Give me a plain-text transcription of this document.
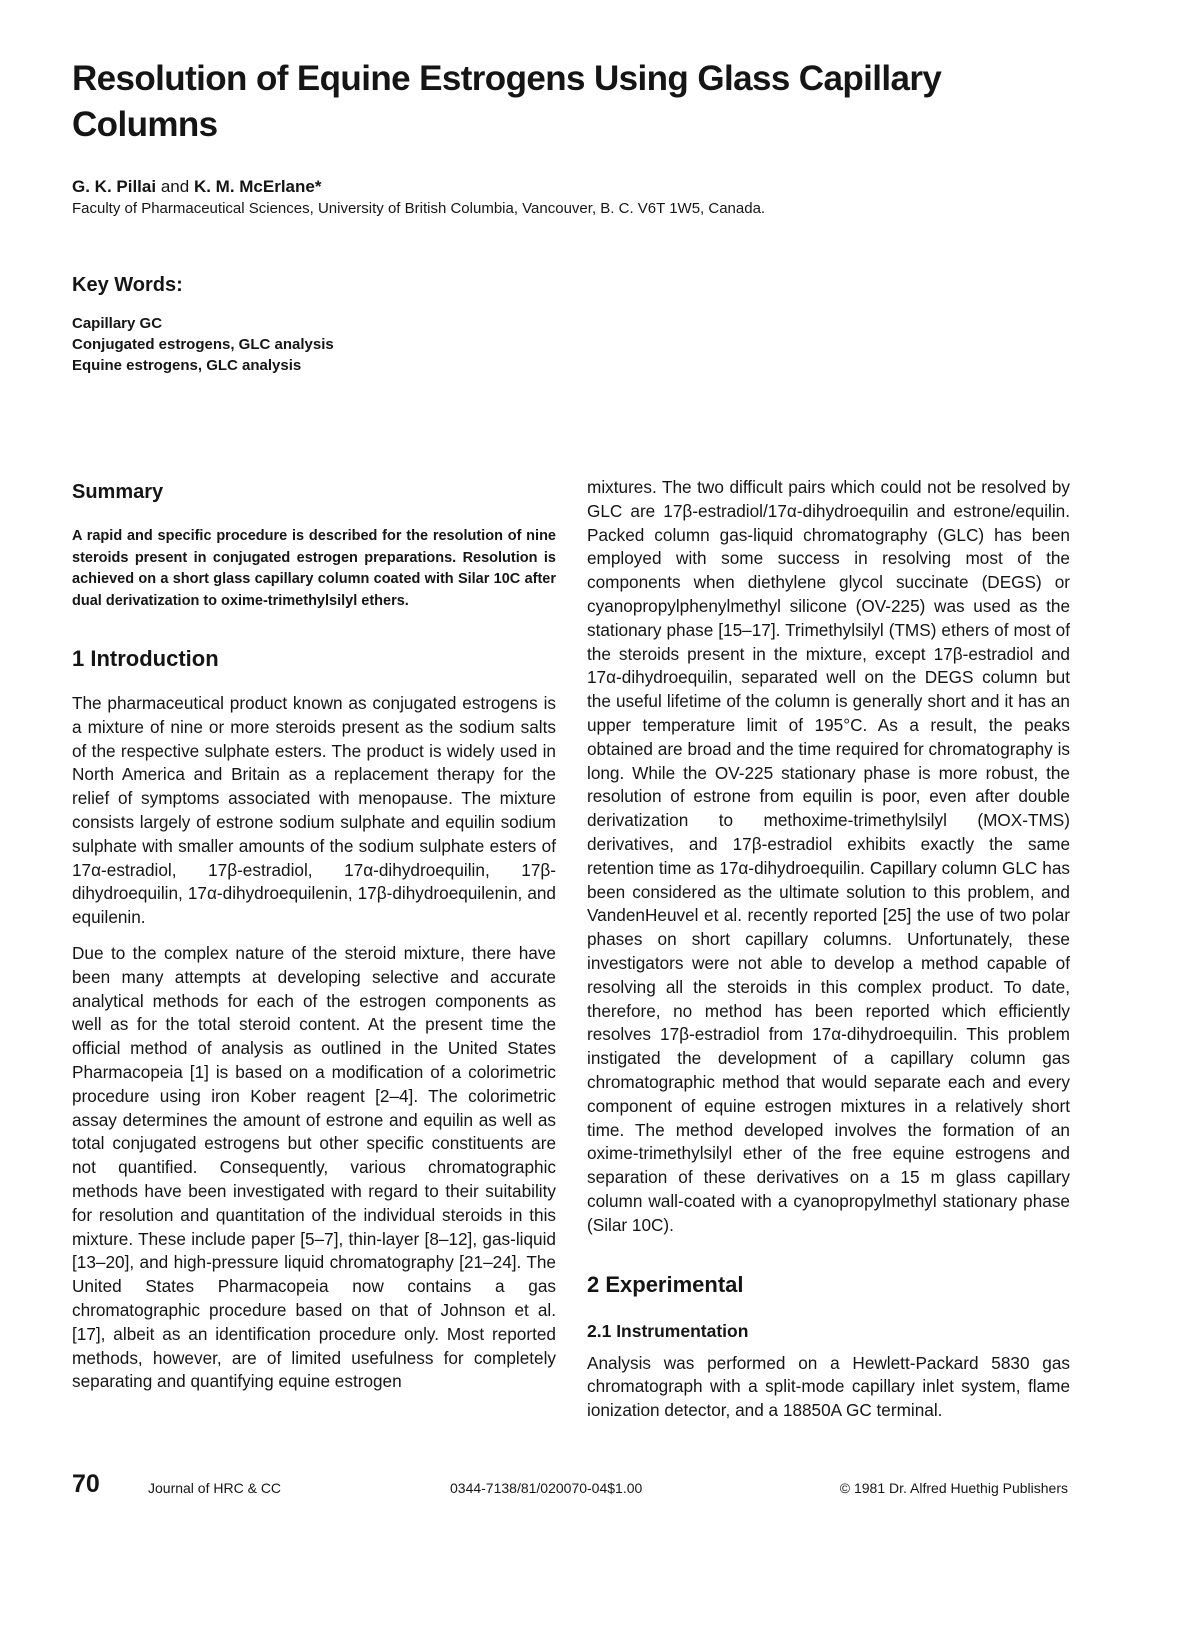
Resolution of Equine Estrogens Using Glass Capillary Columns
G. K. Pillai and K. M. McErlane*
Faculty of Pharmaceutical Sciences, University of British Columbia, Vancouver, B. C. V6T 1W5, Canada.
Key Words:
Capillary GC
Conjugated estrogens, GLC analysis
Equine estrogens, GLC analysis
Summary

A rapid and specific procedure is described for the resolution of nine steroids present in conjugated estrogen preparations. Resolution is achieved on a short glass capillary column coated with Silar 10C after dual derivatization to oxime-trimethylsilyl ethers.

1 Introduction

The pharmaceutical product known as conjugated estrogens is a mixture of nine or more steroids present as the sodium salts of the respective sulphate esters. The product is widely used in North America and Britain as a replacement therapy for the relief of symptoms associated with menopause. The mixture consists largely of estrone sodium sulphate and equilin sodium sulphate with smaller amounts of the sodium sulphate esters of 17α-estradiol, 17β-estradiol, 17α-dihydroequilin, 17β-dihydroequilin, 17α-dihydroequilenin, 17β-dihydroequilenin, and equilenin.

Due to the complex nature of the steroid mixture, there have been many attempts at developing selective and accurate analytical methods for each of the estrogen components as well as for the total steroid content. At the present time the official method of analysis as outlined in the United States Pharmacopeia [1] is based on a modification of a colorimetric procedure using iron Kober reagent [2–4]. The colorimetric assay determines the amount of estrone and equilin as well as total conjugated estrogens but other specific constituents are not quantified. Consequently, various chromatographic methods have been investigated with regard to their suitability for resolution and quantitation of the individual steroids in this mixture. These include paper [5–7], thin-layer [8–12], gas-liquid [13–20], and high-pressure liquid chromatography [21–24]. The United States Pharmacopeia now contains a gas chromatographic procedure based on that of Johnson et al. [17], albeit as an identification procedure only. Most reported methods, however, are of limited usefulness for completely separating and quantifying equine estrogen

mixtures. The two difficult pairs which could not be resolved by GLC are 17β-estradiol/17α-dihydroequilin and estrone/equilin. Packed column gas-liquid chromatography (GLC) has been employed with some success in resolving most of the components when diethylene glycol succinate (DEGS) or cyanopropylphenylmethyl silicone (OV-225) was used as the stationary phase [15–17]. Trimethylsilyl (TMS) ethers of most of the steroids present in the mixture, except 17β-estradiol and 17α-dihydroequilin, separated well on the DEGS column but the useful lifetime of the column is generally short and it has an upper temperature limit of 195°C. As a result, the peaks obtained are broad and the time required for chromatography is long. While the OV-225 stationary phase is more robust, the resolution of estrone from equilin is poor, even after double derivatization to methoxime-trimethylsilyl (MOX-TMS) derivatives, and 17β-estradiol exhibits exactly the same retention time as 17α-dihydroequilin. Capillary column GLC has been considered as the ultimate solution to this problem, and VandenHeuvel et al. recently reported [25] the use of two polar phases on short capillary columns. Unfortunately, these investigators were not able to develop a method capable of resolving all the steroids in this complex product. To date, therefore, no method has been reported which efficiently resolves 17β-estradiol from 17α-dihydroequilin. This problem instigated the development of a capillary column gas chromatographic method that would separate each and every component of equine estrogen mixtures in a relatively short time. The method developed involves the formation of an oxime-trimethylsilyl ether of the free equine estrogens and separation of these derivatives on a 15 m glass capillary column wall-coated with a cyanopropylmethyl stationary phase (Silar 10C).

2 Experimental
2.1 Instrumentation

Analysis was performed on a Hewlett-Packard 5830 gas chromatograph with a split-mode capillary inlet system, flame ionization detector, and a 18850A GC terminal.

70	Journal of HRC & CC	0344-7138/81/020070-04$1.00	© 1981 Dr. Alfred Huethig Publishers
